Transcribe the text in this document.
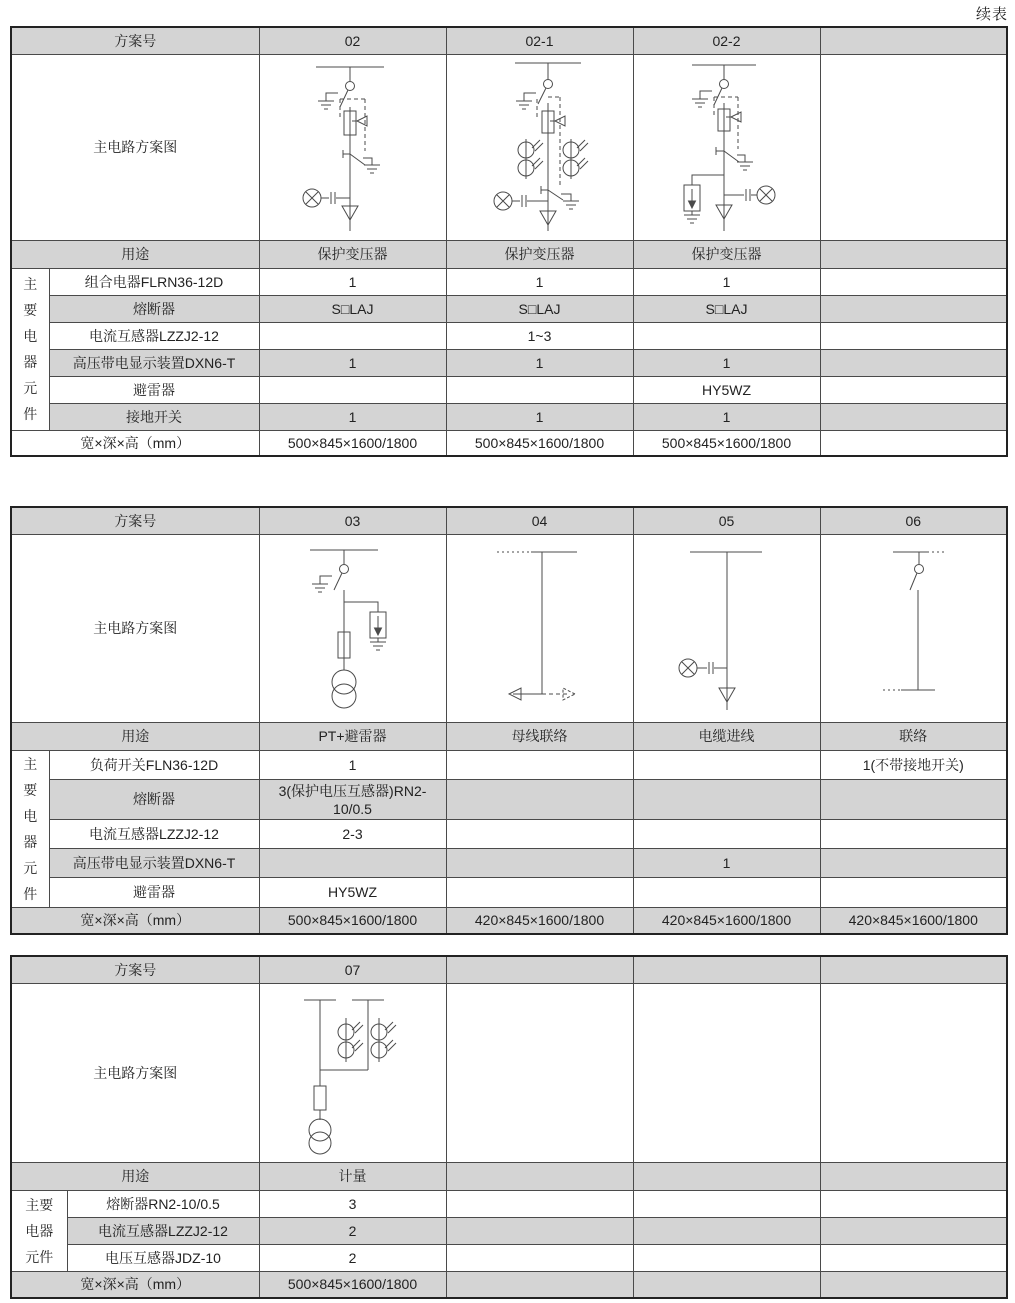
续表
方案号		02	02-1	02-2	
主电路方案图	

用途		保护变压器	保护变压器	保护变压器	

主
要
电
器
元
件
	组合电器FLRN36-12D	1	1	1	
	熔断器	S□LAJ	S□LAJ	S□LAJ	
	电流互感器LZZJ2-12		1~3		
	高压带电显示装置DXN6-T	1	1	1	
	避雷器			HY5WZ	
	接地开关	1	1	1	
宽×深×高（mm）		500×845×1600/1800	500×845×1600/1800	500×845×1600/1800	
方案号		03	04	05	06
主电路方案图	

用途		PT+避雷器	母线联络	电缆进线	联络

主
要
电
器
元
件
	负荷开关FLN36-12D	1			1(不带接地开关)
	熔断器	3(保护电压互感器)RN2-10/0.5			
	电流互感器LZZJ2-12	2-3			
	高压带电显示装置DXN6-T			1	
	避雷器	HY5WZ			
宽×深×高（mm）		500×845×1600/1800	420×845×1600/1800	420×845×1600/1800	420×845×1600/1800
方案号		07			
主电路方案图	

用途		计量			

主要
电器
元件	熔断器RN2-10/0.5	3			
	电流互感器LZZJ2-12	2			
	电压互感器JDZ-10	2			
宽×深×高（mm）		500×845×1600/1800			
